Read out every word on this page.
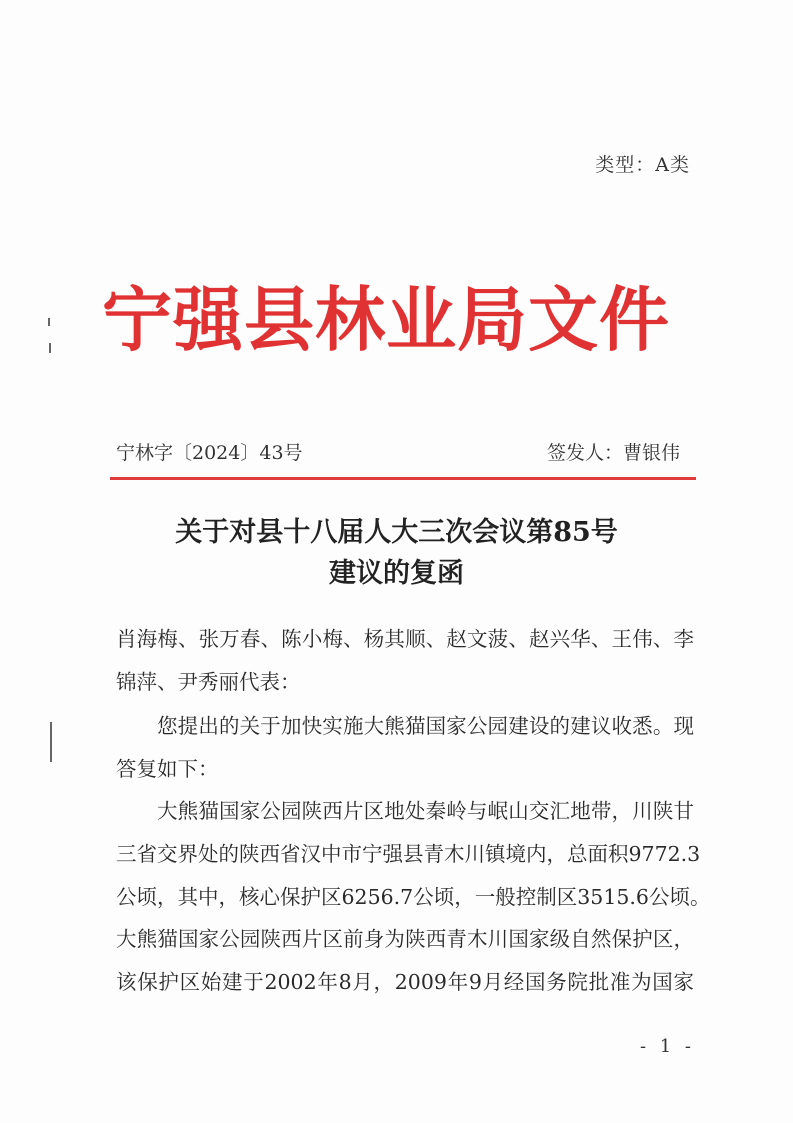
类型：A类
宁强县林业局文件
宁林字〔2024〕43号	签发人：曹银伟
关于对县十八届人大三次会议第85号
建议的复函
肖海梅、张万春、陈小梅、杨其顺、赵文菠、赵兴华、王伟、李
锦萍、尹秀丽代表：
您提出的关于加快实施大熊猫国家公园建设的建议收悉。现
答复如下：
大熊猫国家公园陕西片区地处秦岭与岷山交汇地带，川陕甘
三省交界处的陕西省汉中市宁强县青木川镇境内，总面积9772.3
公顷，其中，核心保护区6256.7公顷，一般控制区3515.6公顷。
大熊猫国家公园陕西片区前身为陕西青木川国家级自然保护区，
该保护区始建于2002年8月，2009年9月经国务院批准为国家
- 1 -
